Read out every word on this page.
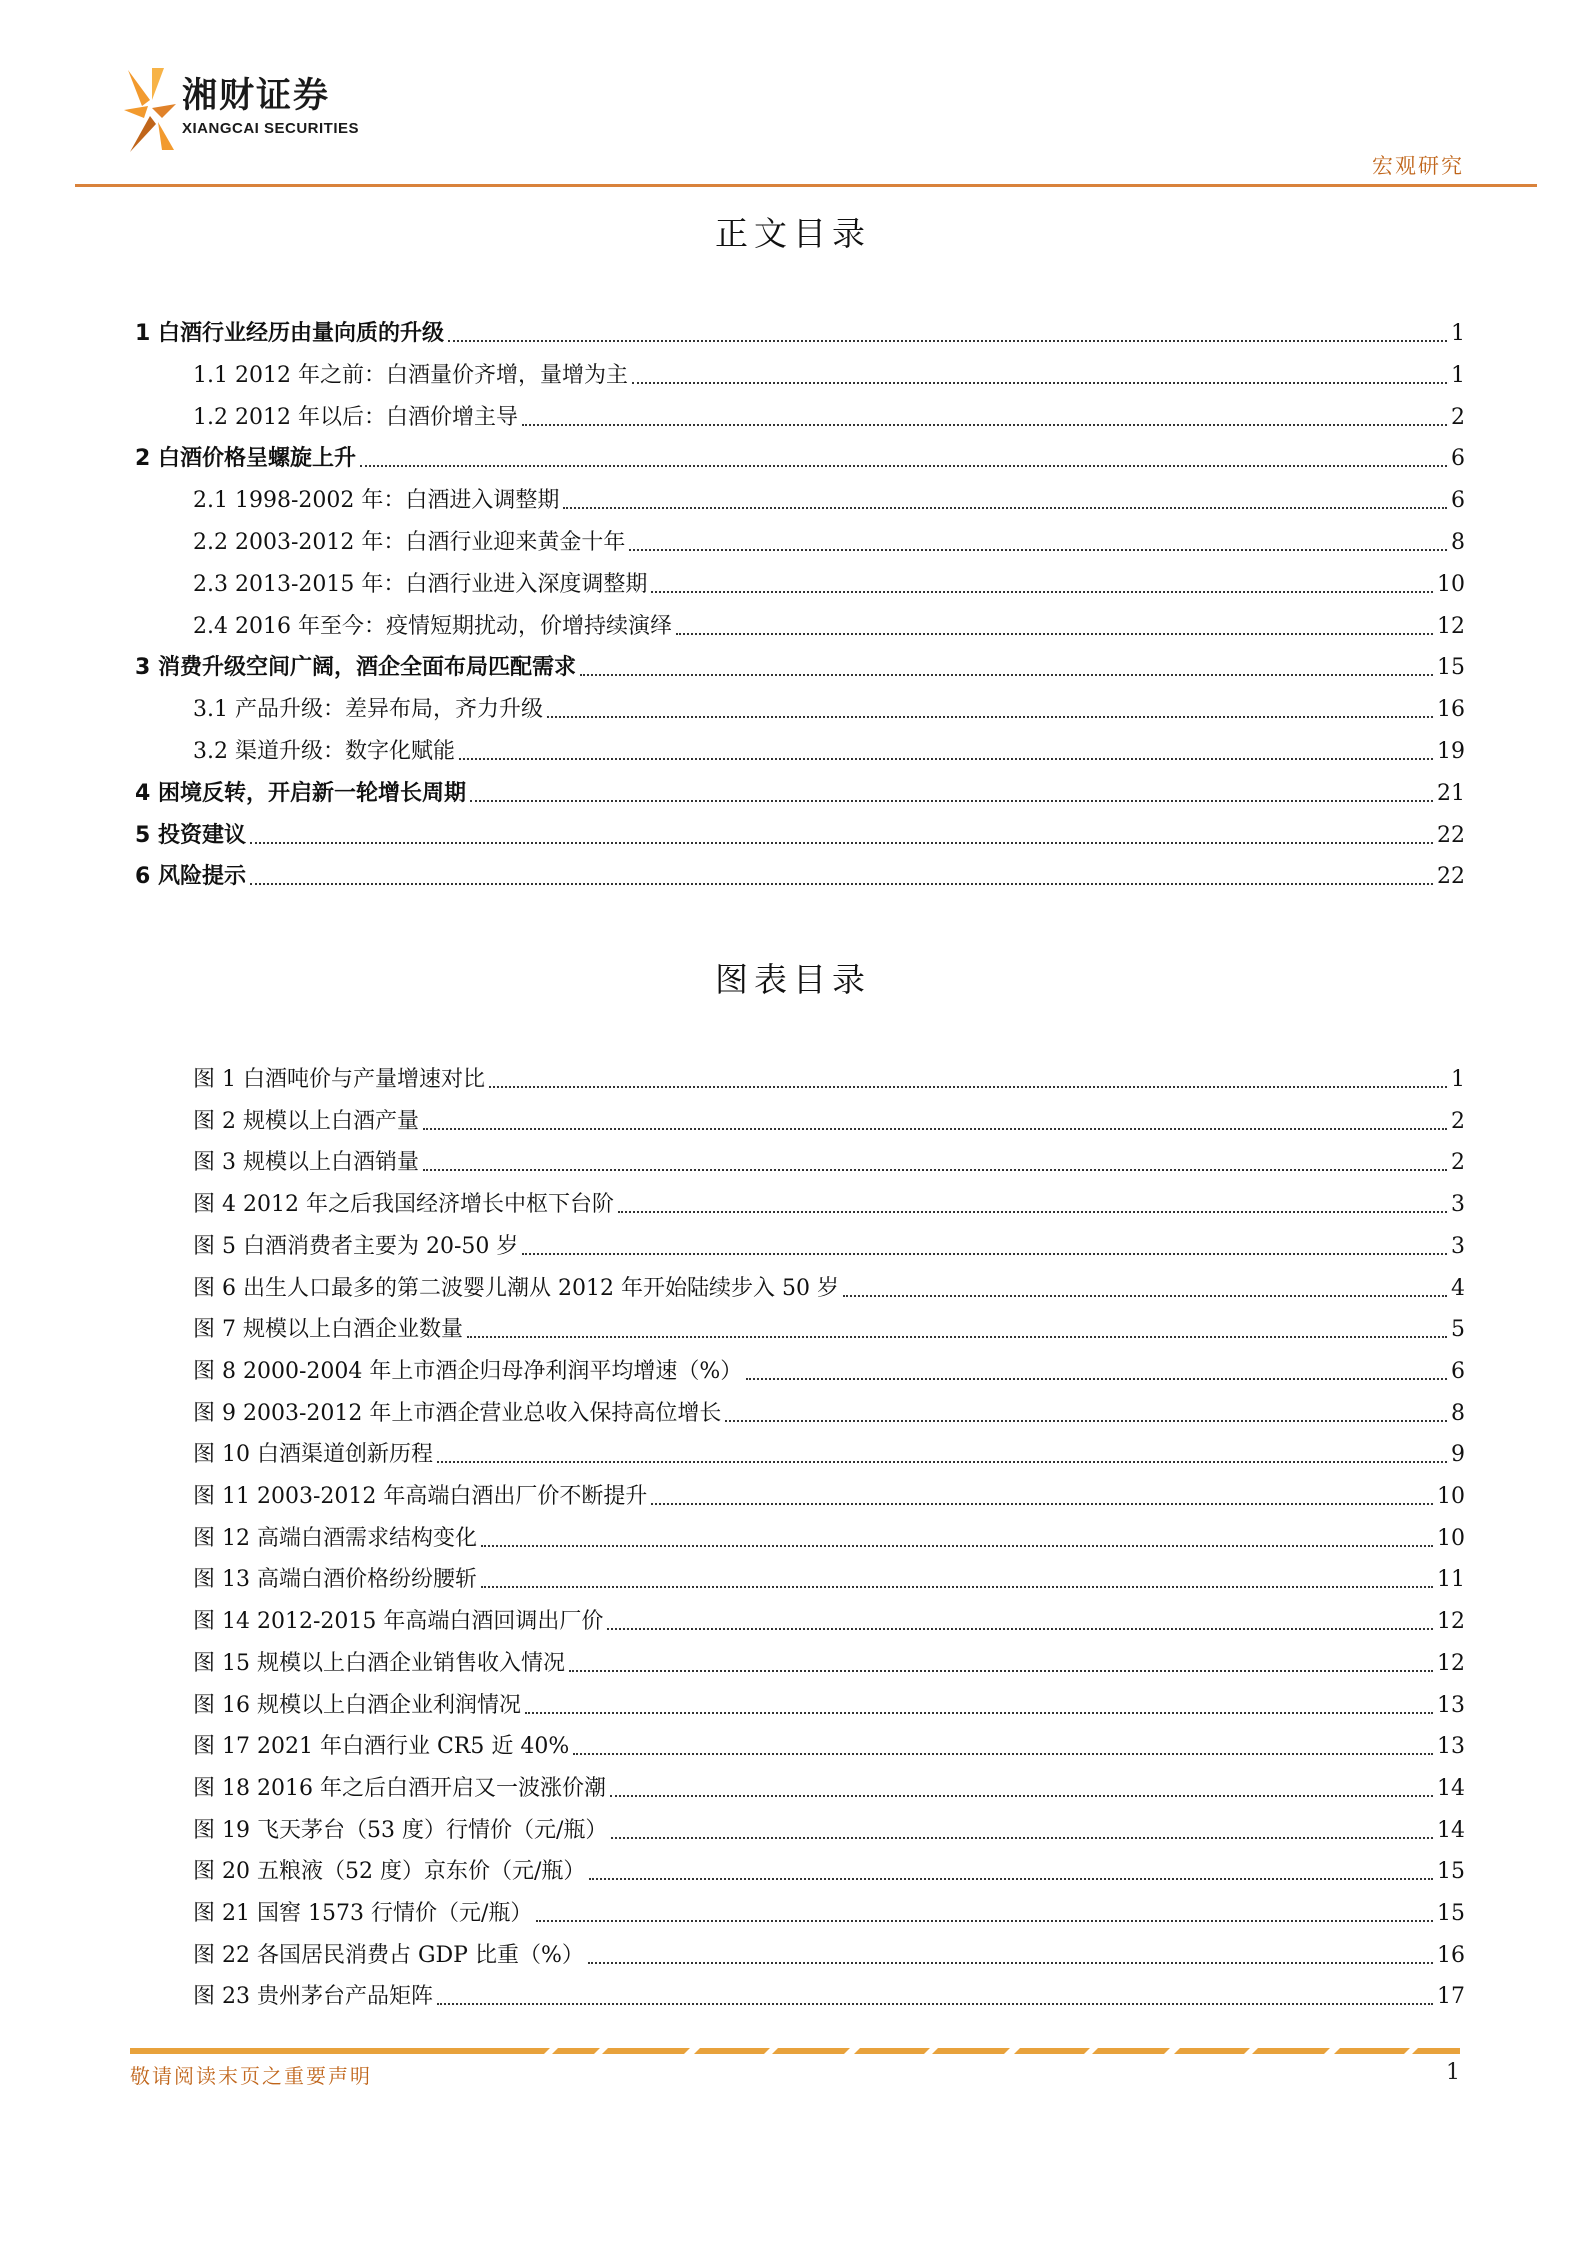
湘财证券
XIANGCAI SECURITIES
宏观研究
正文目录
1 白酒行业经历由量向质的升级	1
1.1 2012 年之前：白酒量价齐增，量增为主	1
1.2 2012 年以后：白酒价增主导	2
2 白酒价格呈螺旋上升	6
2.1 1998-2002 年：白酒进入调整期	6
2.2 2003-2012 年：白酒行业迎来黄金十年	8
2.3 2013-2015 年：白酒行业进入深度调整期	10
2.4 2016 年至今：疫情短期扰动，价增持续演绎	12
3 消费升级空间广阔，酒企全面布局匹配需求	15
3.1 产品升级：差异布局，齐力升级	16
3.2 渠道升级：数字化赋能	19
4 困境反转，开启新一轮增长周期	21
5 投资建议	22
6 风险提示	22
图表目录
图 1 白酒吨价与产量增速对比	1
图 2 规模以上白酒产量	2
图 3 规模以上白酒销量	2
图 4 2012 年之后我国经济增长中枢下台阶	3
图 5 白酒消费者主要为 20-50 岁	3
图 6 出生人口最多的第二波婴儿潮从 2012 年开始陆续步入 50 岁	4
图 7 规模以上白酒企业数量	5
图 8 2000-2004 年上市酒企归母净利润平均增速（%）	6
图 9 2003-2012 年上市酒企营业总收入保持高位增长	8
图 10 白酒渠道创新历程	9
图 11 2003-2012 年高端白酒出厂价不断提升	10
图 12 高端白酒需求结构变化	10
图 13 高端白酒价格纷纷腰斩	11
图 14 2012-2015 年高端白酒回调出厂价	12
图 15 规模以上白酒企业销售收入情况	12
图 16 规模以上白酒企业利润情况	13
图 17 2021 年白酒行业 CR5 近 40%	13
图 18 2016 年之后白酒开启又一波涨价潮	14
图 19 飞天茅台（53 度）行情价（元/瓶）	14
图 20 五粮液（52 度）京东价（元/瓶）	15
图 21 国窖 1573 行情价（元/瓶）	15
图 22 各国居民消费占 GDP 比重（%）	16
图 23 贵州茅台产品矩阵	17
敬请阅读末页之重要声明	1
